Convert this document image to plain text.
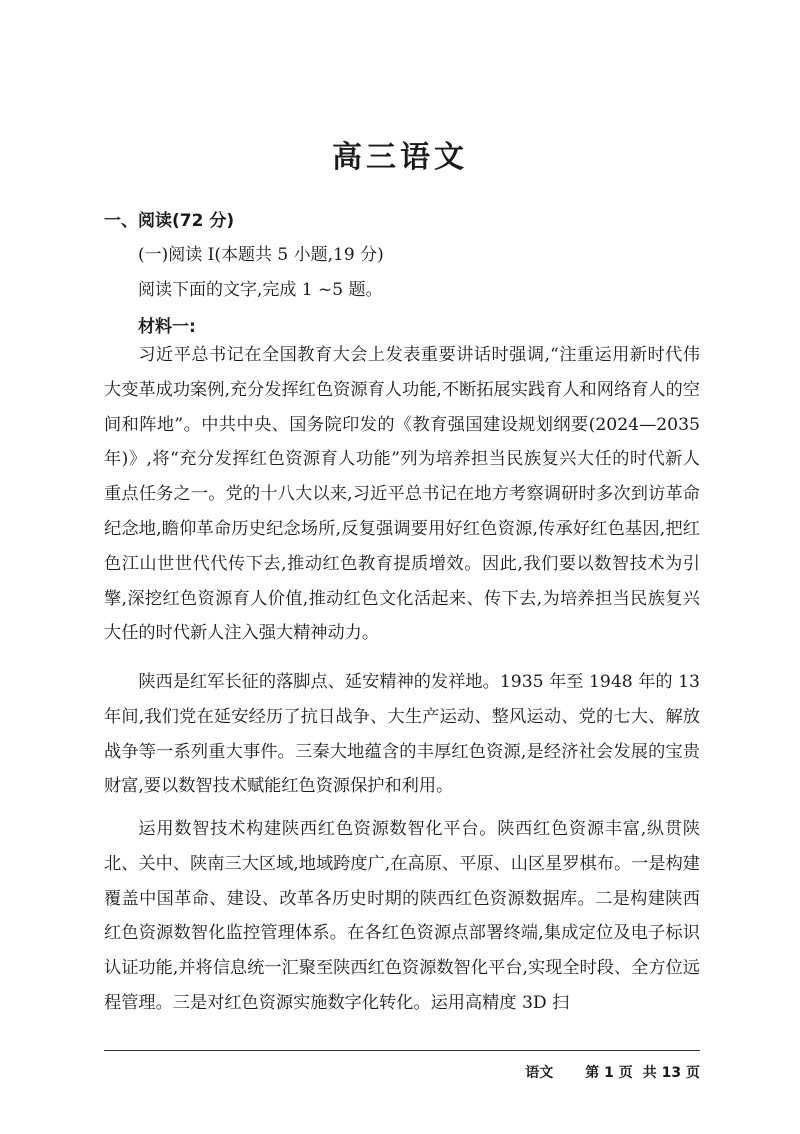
高三语文
一、阅读(72 分)
(一)阅读 I(本题共 5 小题,19 分)
阅读下面的文字,完成 1 ~5 题。
材料一:

习近平总书记在全国教育大会上发表重要讲话时强调,“注重运用新时代伟大变革成功案例,充分发挥红色资源育人功能,不断拓展实践育人和网络育人的空间和阵地”。中共中央、国务院印发的《教育强国建设规划纲要(2024—2035 年)》,将“充分发挥红色资源育人功能”列为培养担当民族复兴大任的时代新人重点任务之一。党的十八大以来,习近平总书记在地方考察调研时多次到访革命纪念地,瞻仰革命历史纪念场所,反复强调要用好红色资源,传承好红色基因,把红色江山世世代代传下去,推动红色教育提质增效。因此,我们要以数智技术为引擎,深挖红色资源育人价值,推动红色文化活起来、传下去,为培养担当民族复兴大任的时代新人注入强大精神动力。

陕西是红军长征的落脚点、延安精神的发祥地。1935 年至 1948 年的 13 年间,我们党在延安经历了抗日战争、大生产运动、整风运动、党的七大、解放战争等一系列重大事件。三秦大地蕴含的丰厚红色资源,是经济社会发展的宝贵财富,要以数智技术赋能红色资源保护和利用。

运用数智技术构建陕西红色资源数智化平台。陕西红色资源丰富,纵贯陕北、关中、陕南三大区域,地域跨度广,在高原、平原、山区星罗棋布。一是构建覆盖中国革命、建设、改革各历史时期的陕西红色资源数据库。二是构建陕西红色资源数智化监控管理体系。在各红色资源点部署终端,集成定位及电子标识认证功能,并将信息统一汇聚至陕西红色资源数智化平台,实现全时段、全方位远程管理。三是对红色资源实施数字化转化。运用高精度 3D 扫

语文 第 1 页 共 13 页
